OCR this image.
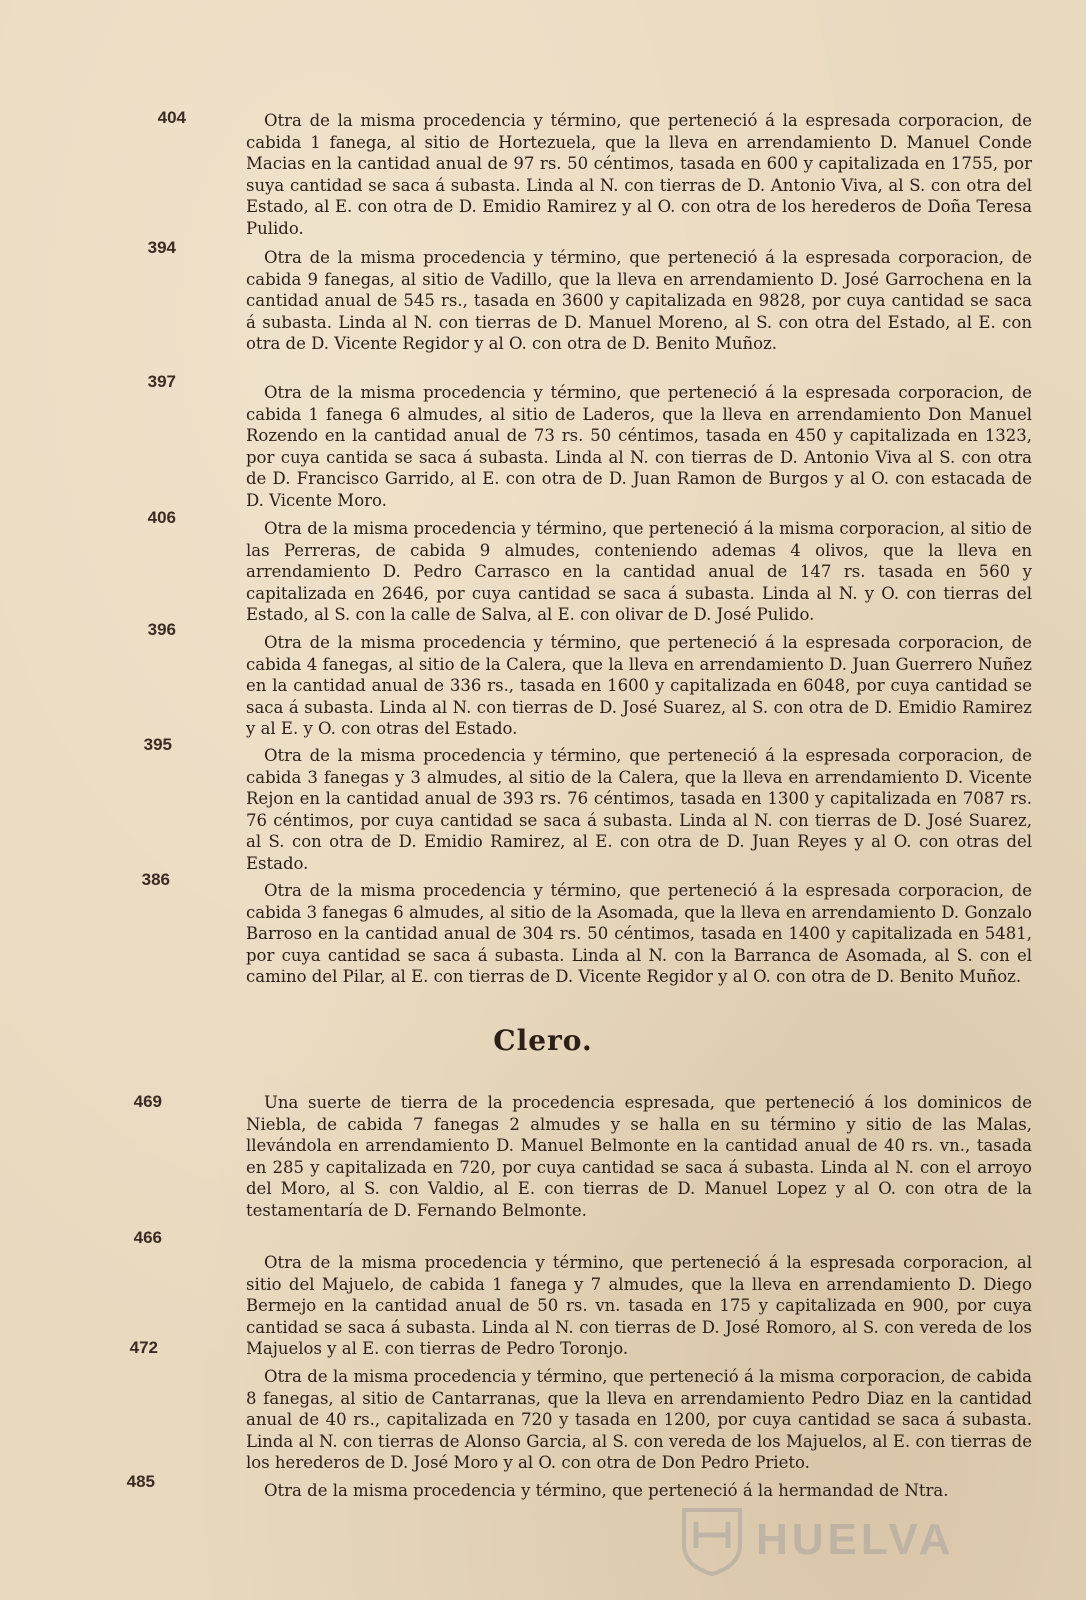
404
394
397
406
396
395
386
469
466
472
485

Otra de la misma procedencia y término, que perteneció á la espresada corporacion, de cabida 1 fanega, al sitio de Hortezuela, que la lleva en arrendamiento D. Manuel Conde Macias en la cantidad anual de 97 rs. 50 céntimos, tasada en 600 y capitalizada en 1755, por suya cantidad se saca á subasta. Linda al N. con tierras de D. Antonio Viva, al S. con otra del Estado, al E. con otra de D. Emidio Ramirez y al O. con otra de los herederos de Doña Teresa Pulido.

Otra de la misma procedencia y término, que perteneció á la espresada corporacion, de cabida 9 fanegas, al sitio de Vadillo, que la lleva en arrendamiento D. José Garrochena en la cantidad anual de 545 rs., tasada en 3600 y capitalizada en 9828, por cuya cantidad se saca á subasta. Linda al N. con tierras de D. Manuel Moreno, al S. con otra del Estado, al E. con otra de D. Vicente Regidor y al O. con otra de D. Benito Muñoz.

Otra de la misma procedencia y término, que perteneció á la espresada corporacion, de cabida 1 fanega 6 almudes, al sitio de Laderos, que la lleva en arrendamiento Don Manuel Rozendo en la cantidad anual de 73 rs. 50 céntimos, tasada en 450 y capitalizada en 1323, por cuya cantida se saca á subasta. Linda al N. con tierras de D. Antonio Viva al S. con otra de D. Francisco Garrido, al E. con otra de D. Juan Ramon de Burgos y al O. con estacada de D. Vicente Moro.

Otra de la misma procedencia y término, que perteneció á la misma corporacion, al sitio de las Perreras, de cabida 9 almudes, conteniendo ademas 4 olivos, que la lleva en arrendamiento D. Pedro Carrasco en la cantidad anual de 147 rs. tasada en 560 y capitalizada en 2646, por cuya cantidad se saca á subasta. Linda al N. y O. con tierras del Estado, al S. con la calle de Salva, al E. con olivar de D. José Pulido.

Otra de la misma procedencia y término, que perteneció á la espresada corporacion, de cabida 4 fanegas, al sitio de la Calera, que la lleva en arrendamiento D. Juan Guerrero Nuñez en la cantidad anual de 336 rs., tasada en 1600 y capitalizada en 6048, por cuya cantidad se saca á subasta. Linda al N. con tierras de D. José Suarez, al S. con otra de D. Emidio Ramirez y al E. y O. con otras del Estado.

Otra de la misma procedencia y término, que perteneció á la espresada corporacion, de cabida 3 fanegas y 3 almudes, al sitio de la Calera, que la lleva en arrendamiento D. Vicente Rejon en la cantidad anual de 393 rs. 76 céntimos, tasada en 1300 y capitalizada en 7087 rs. 76 céntimos, por cuya cantidad se saca á subasta. Linda al N. con tierras de D. José Suarez, al S. con otra de D. Emidio Ramirez, al E. con otra de D. Juan Reyes y al O. con otras del Estado.

Otra de la misma procedencia y término, que perteneció á la espresada corporacion, de cabida 3 fanegas 6 almudes, al sitio de la Asomada, que la lleva en arrendamiento D. Gonzalo Barroso en la cantidad anual de 304 rs. 50 céntimos, tasada en 1400 y capitalizada en 5481, por cuya cantidad se saca á subasta. Linda al N. con la Barranca de Asomada, al S. con el camino del Pilar, al E. con tierras de D. Vicente Regidor y al O. con otra de D. Benito Muñoz.

Clero.

Una suerte de tierra de la procedencia espresada, que perteneció á los dominicos de Niebla, de cabida 7 fanegas 2 almudes y se halla en su término y sitio de las Malas, llevándola en arrendamiento D. Manuel Belmonte en la cantidad anual de 40 rs. vn., tasada en 285 y capitalizada en 720, por cuya cantidad se saca á subasta. Linda al N. con el arroyo del Moro, al S. con Valdio, al E. con tierras de D. Manuel Lopez y al O. con otra de la testamentaría de D. Fernando Belmonte.

Otra de la misma procedencia y término, que perteneció á la espresada corporacion, al sitio del Majuelo, de cabida 1 fanega y 7 almudes, que la lleva en arrendamiento D. Diego Bermejo en la cantidad anual de 50 rs. vn. tasada en 175 y capitalizada en 900, por cuya cantidad se saca á subasta. Linda al N. con tierras de D. José Romoro, al S. con vereda de los Majuelos y al E. con tierras de Pedro Toronjo.

Otra de la misma procedencia y término, que perteneció á la misma corporacion, de cabida 8 fanegas, al sitio de Cantarranas, que la lleva en arrendamiento Pedro Diaz en la cantidad anual de 40 rs., capitalizada en 720 y tasada en 1200, por cuya cantidad se saca á subasta. Linda al N. con tierras de Alonso Garcia, al S. con vereda de los Majuelos, al E. con tierras de los herederos de D. José Moro y al O. con otra de Don Pedro Prieto.

Otra de la misma procedencia y término, que perteneció á la hermandad de Ntra.

HUELVA
